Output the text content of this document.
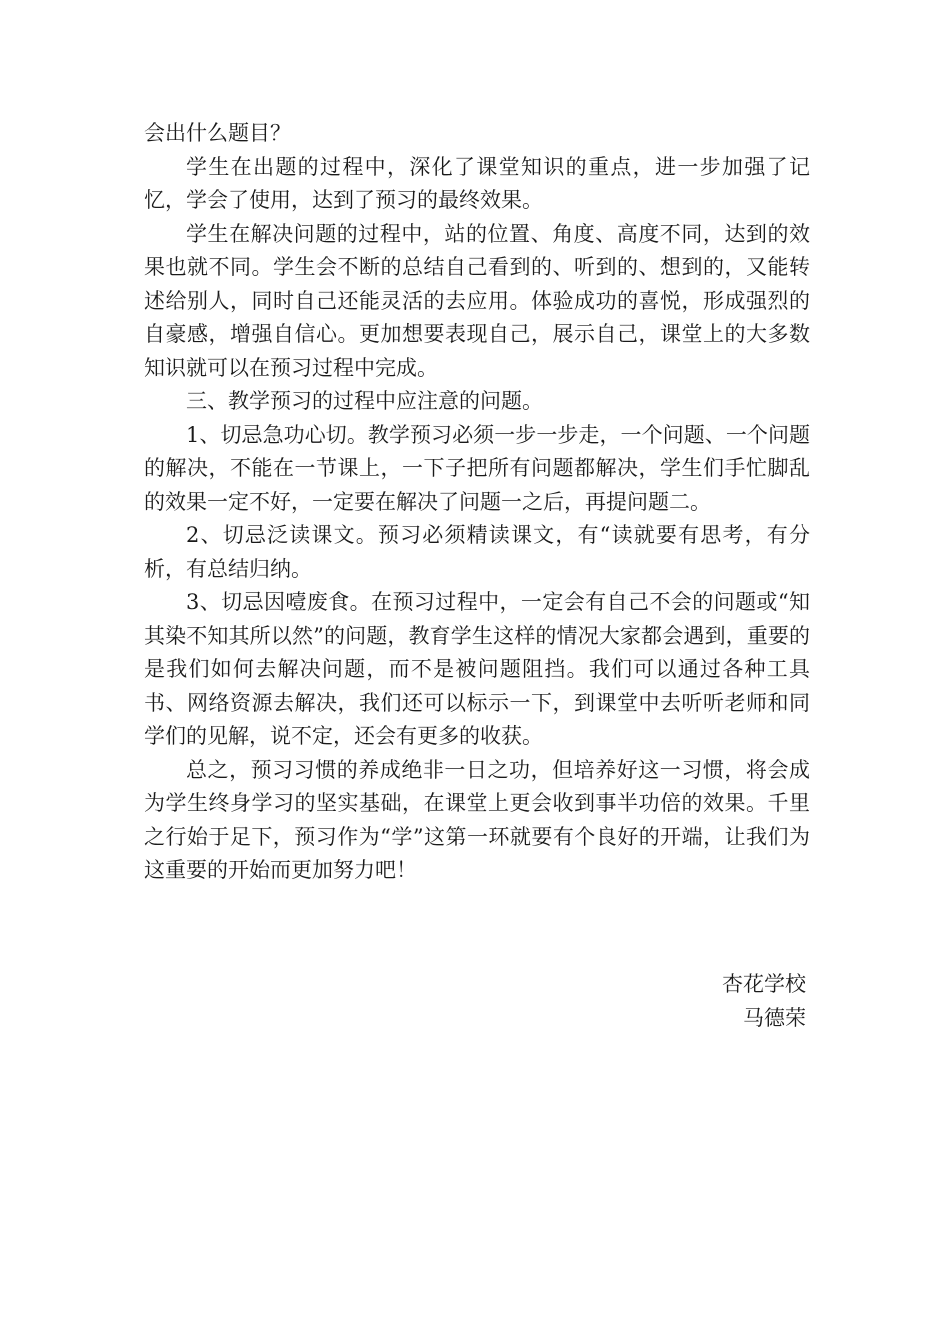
会出什么题目？

学生在出题的过程中，深化了课堂知识的重点，进一步加强了记忆，学会了使用，达到了预习的最终效果。

学生在解决问题的过程中，站的位置、角度、高度不同，达到的效果也就不同。学生会不断的总结自己看到的、听到的、想到的，又能转述给别人，同时自己还能灵活的去应用。体验成功的喜悦，形成强烈的自豪感，增强自信心。更加想要表现自己，展示自己，课堂上的大多数知识就可以在预习过程中完成。

三、教学预习的过程中应注意的问题。

1、切忌急功心切。教学预习必须一步一步走，一个问题、一个问题的解决，不能在一节课上，一下子把所有问题都解决，学生们手忙脚乱的效果一定不好，一定要在解决了问题一之后，再提问题二。

2、切忌泛读课文。预习必须精读课文，有“读就要有思考，有分析，有总结归纳。

3、切忌因噎废食。在预习过程中，一定会有自己不会的问题或“知其染不知其所以然”的问题，教育学生这样的情况大家都会遇到，重要的是我们如何去解决问题，而不是被问题阻挡。我们可以通过各种工具书、网络资源去解决，我们还可以标示一下，到课堂中去听听老师和同学们的见解，说不定，还会有更多的收获。

总之，预习习惯的养成绝非一日之功，但培养好这一习惯，将会成为学生终身学习的坚实基础，在课堂上更会收到事半功倍的效果。千里之行始于足下，预习作为“学”这第一环就要有个良好的开端，让我们为这重要的开始而更加努力吧！

杏花学校
马德荣
